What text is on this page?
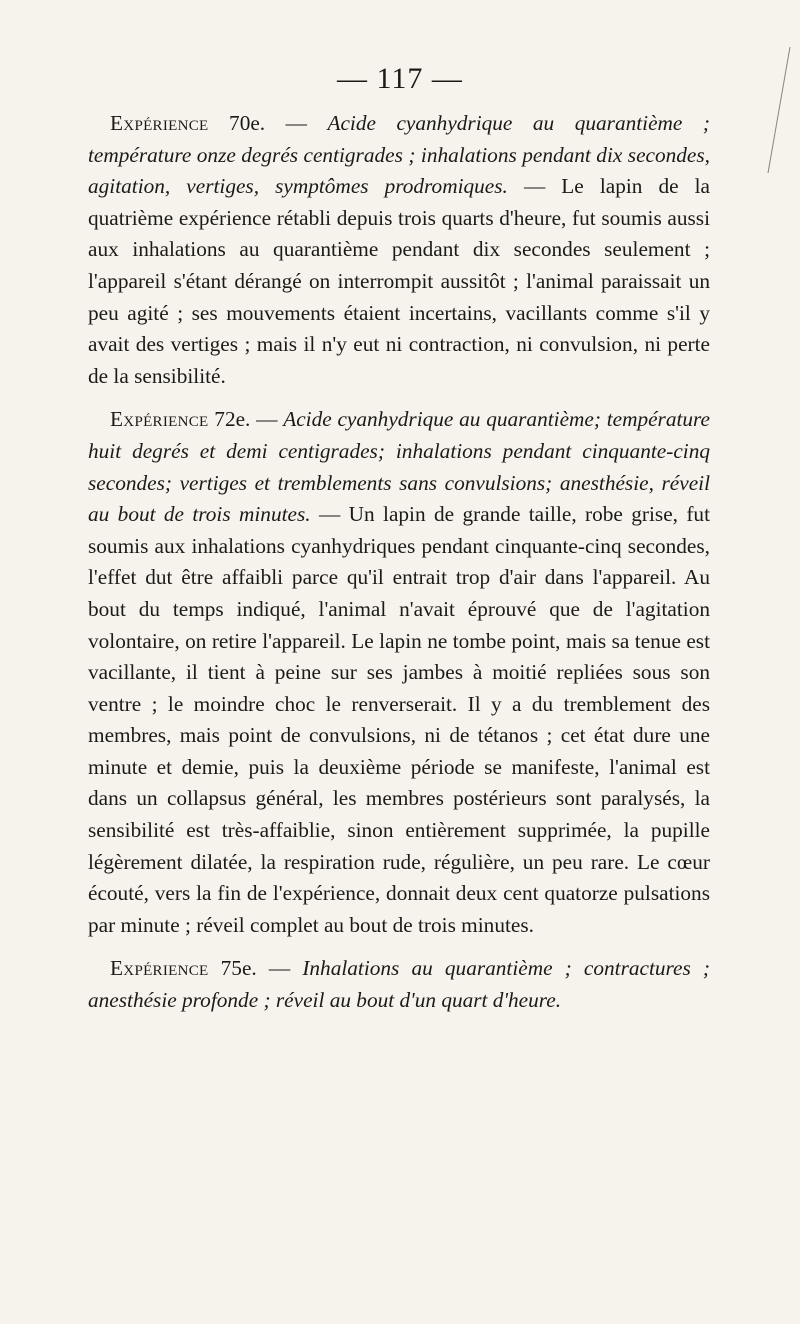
— 117 —

Expérience 70e. — Acide cyanhydrique au quarantième ; température onze degrés centigrades ; inhalations pendant dix secondes, agitation, vertiges, symptômes prodromiques. — Le lapin de la quatrième expérience rétabli depuis trois quarts d'heure, fut soumis aussi aux inhalations au quarantième pendant dix secondes seulement ; l'appareil s'étant dérangé on interrompit aussitôt ; l'animal paraissait un peu agité ; ses mouvements étaient incertains, vacillants comme s'il y avait des vertiges ; mais il n'y eut ni contraction, ni convulsion, ni perte de la sensibilité.

Expérience 72e. — Acide cyanhydrique au quarantième; température huit degrés et demi centigrades; inhalations pendant cinquante-cinq secondes; vertiges et tremblements sans convulsions; anesthésie, réveil au bout de trois minutes. — Un lapin de grande taille, robe grise, fut soumis aux inhalations cyanhydriques pendant cinquante-cinq secondes, l'effet dut être affaibli parce qu'il entrait trop d'air dans l'appareil. Au bout du temps indiqué, l'animal n'avait éprouvé que de l'agitation volontaire, on retire l'appareil. Le lapin ne tombe point, mais sa tenue est vacillante, il tient à peine sur ses jambes à moitié repliées sous son ventre ; le moindre choc le renverserait. Il y a du tremblement des membres, mais point de convulsions, ni de tétanos ; cet état dure une minute et demie, puis la deuxième période se manifeste, l'animal est dans un collapsus général, les membres postérieurs sont paralysés, la sensibilité est très-affaiblie, sinon entièrement supprimée, la pupille légèrement dilatée, la respiration rude, régulière, un peu rare. Le cœur écouté, vers la fin de l'expérience, donnait deux cent quatorze pulsations par minute ; réveil complet au bout de trois minutes.

Expérience 75e. — Inhalations au quarantième ; contractures ; anesthésie profonde ; réveil au bout d'un quart d'heure.
